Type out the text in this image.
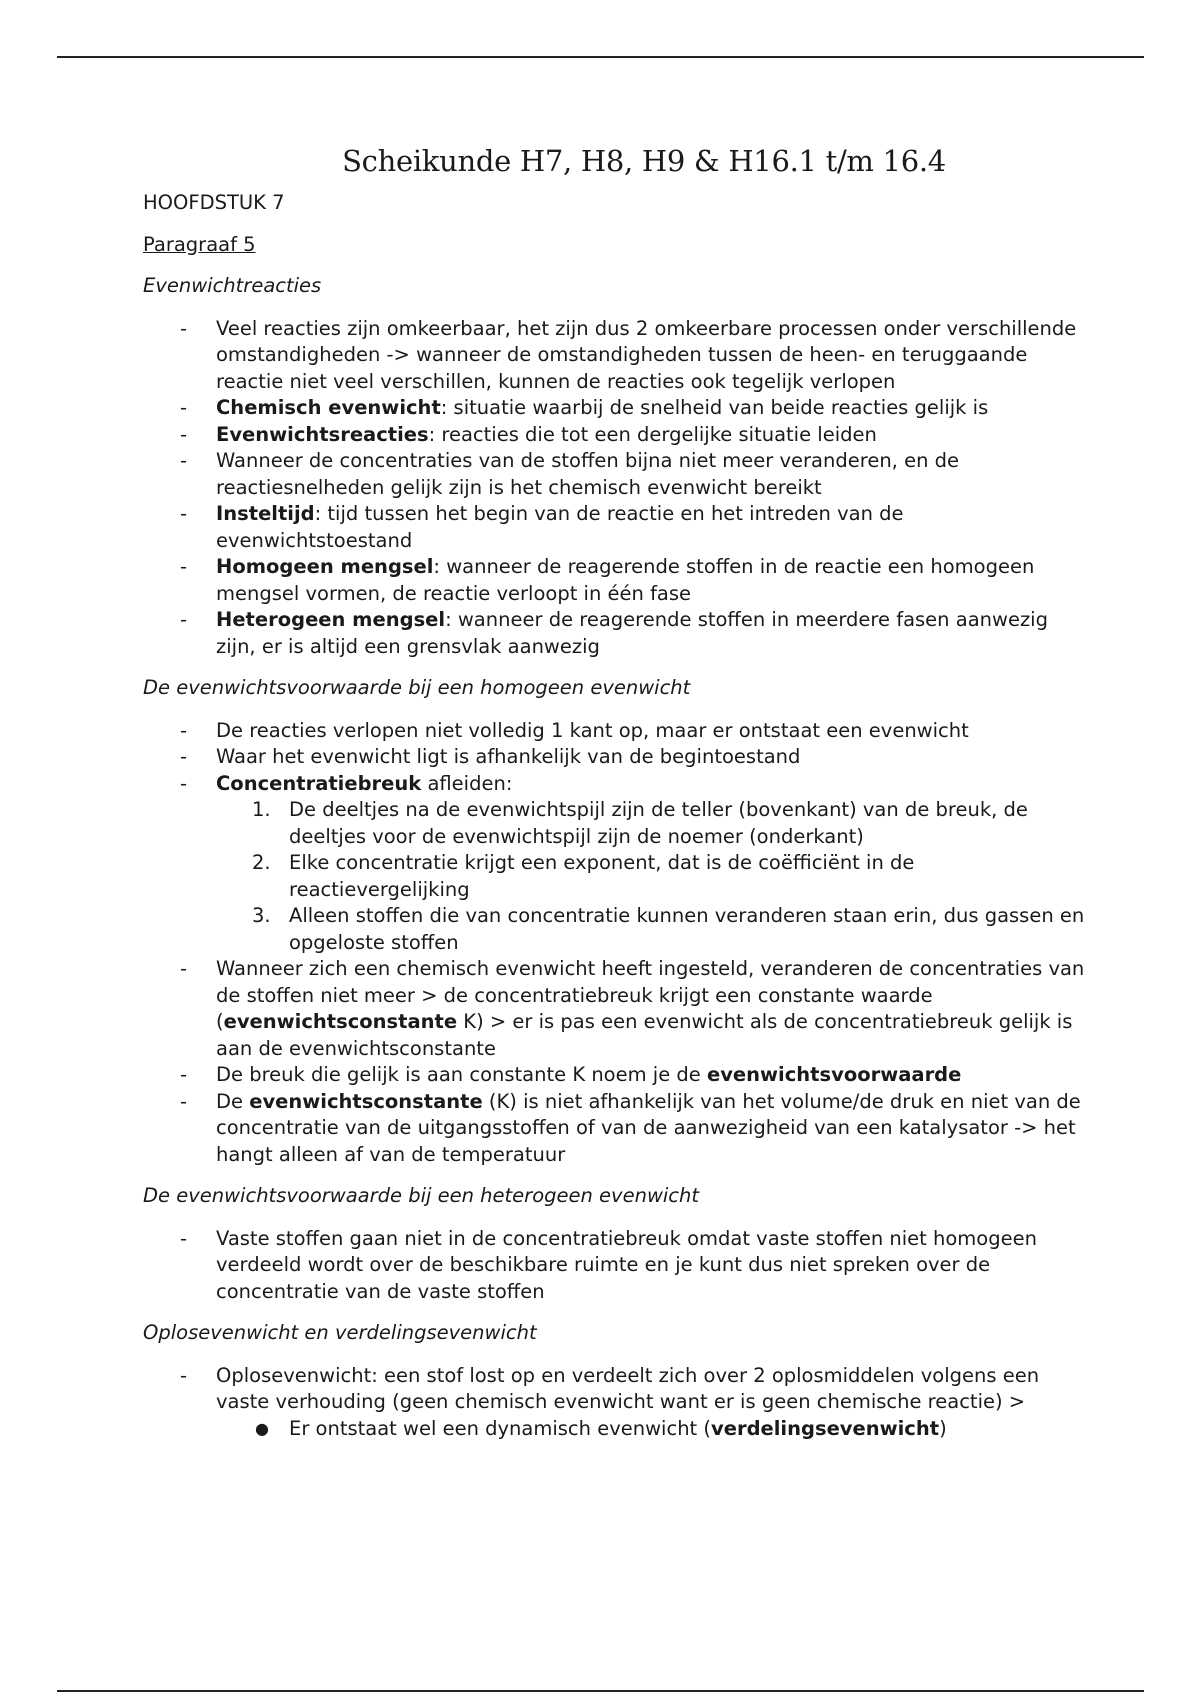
Scheikunde H7, H8, H9 & H16.1 t/m 16.4
HOOFDSTUK 7
Paragraaf 5
Evenwichtreacties
- Veel reacties zijn omkeerbaar, het zijn dus 2 omkeerbare processen onder verschillende omstandigheden -> wanneer de omstandigheden tussen de heen- en teruggaande reactie niet veel verschillen, kunnen de reacties ook tegelijk verlopen
- Chemisch evenwicht: situatie waarbij de snelheid van beide reacties gelijk is
- Evenwichtsreacties: reacties die tot een dergelijke situatie leiden
- Wanneer de concentraties van de stoffen bijna niet meer veranderen, en de reactiesnelheden gelijk zijn is het chemisch evenwicht bereikt
- Insteltijd: tijd tussen het begin van de reactie en het intreden van de evenwichtstoestand
- Homogeen mengsel: wanneer de reagerende stoffen in de reactie een homogeen mengsel vormen, de reactie verloopt in één fase
- Heterogeen mengsel: wanneer de reagerende stoffen in meerdere fasen aanwezig zijn, er is altijd een grensvlak aanwezig
De evenwichtsvoorwaarde bij een homogeen evenwicht
- De reacties verlopen niet volledig 1 kant op, maar er ontstaat een evenwicht
- Waar het evenwicht ligt is afhankelijk van de begintoestand
- Concentratiebreuk afleiden:
1. De deeltjes na de evenwichtspijl zijn de teller (bovenkant) van de breuk, de deeltjes voor de evenwichtspijl zijn de noemer (onderkant)
2. Elke concentratie krijgt een exponent, dat is de coëfficiënt in de reactievergelijking
3. Alleen stoffen die van concentratie kunnen veranderen staan erin, dus gassen en opgeloste stoffen
- Wanneer zich een chemisch evenwicht heeft ingesteld, veranderen de concentraties van de stoffen niet meer > de concentratiebreuk krijgt een constante waarde (evenwichtsconstante K) > er is pas een evenwicht als de concentratiebreuk gelijk is aan de evenwichtsconstante
- De breuk die gelijk is aan constante K noem je de evenwichtsvoorwaarde
- De evenwichtsconstante (K) is niet afhankelijk van het volume/de druk en niet van de concentratie van de uitgangsstoffen of van de aanwezigheid van een katalysator -> het hangt alleen af van de temperatuur
De evenwichtsvoorwaarde bij een heterogeen evenwicht
- Vaste stoffen gaan niet in de concentratiebreuk omdat vaste stoffen niet homogeen verdeeld wordt over de beschikbare ruimte en je kunt dus niet spreken over de concentratie van de vaste stoffen
Oplosevenwicht en verdelingsevenwicht
- Oplosevenwicht: een stof lost op en verdeelt zich over 2 oplosmiddelen volgens een vaste verhouding (geen chemisch evenwicht want er is geen chemische reactie) >
● Er ontstaat wel een dynamisch evenwicht (verdelingsevenwicht)
